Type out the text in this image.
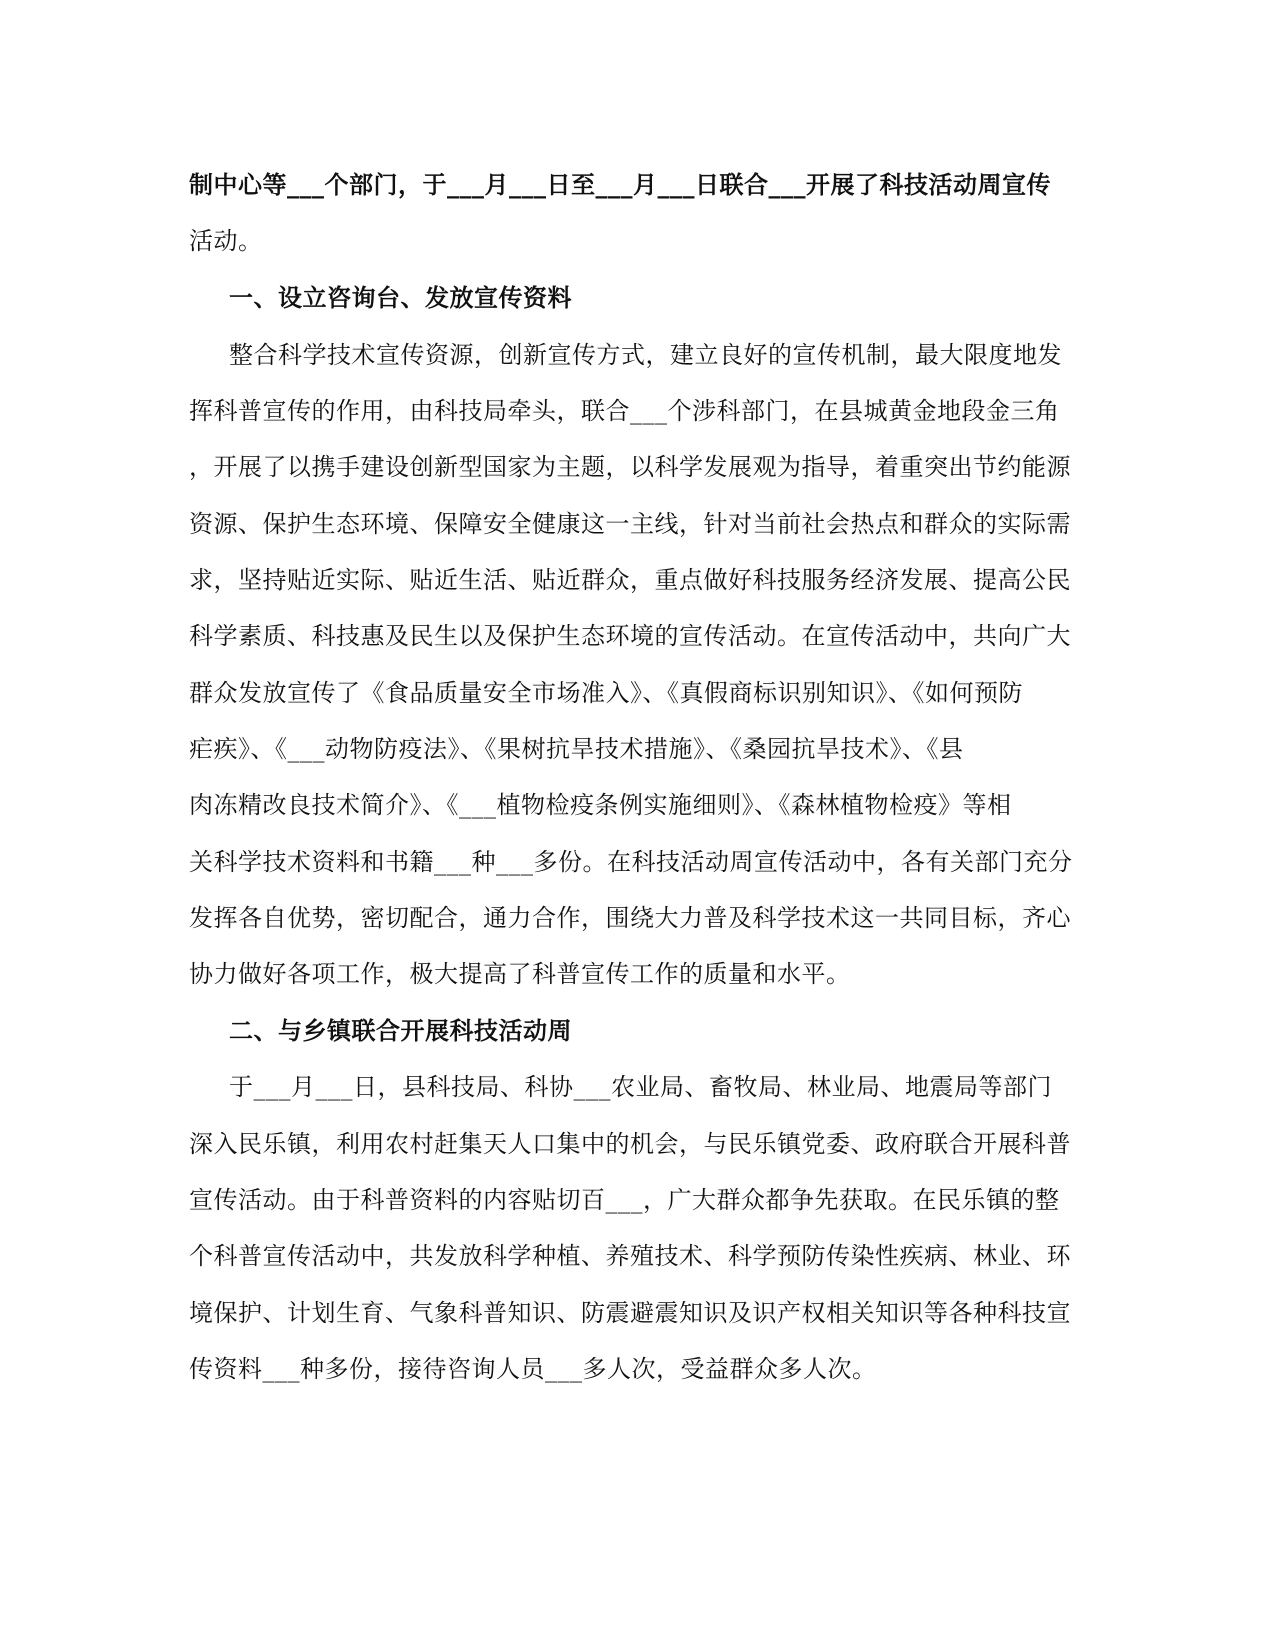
制中心等___个部门，于___月___日至___月___日联合___开展了科技活动周宣传
活动。
一、设立咨询台、发放宣传资料
整合科学技术宣传资源，创新宣传方式，建立良好的宣传机制，最大限度地发
挥科普宣传的作用，由科技局牵头，联合___个涉科部门，在县城黄金地段金三角
，开展了以携手建设创新型国家为主题，以科学发展观为指导，着重突出节约能源
资源、保护生态环境、保障安全健康这一主线，针对当前社会热点和群众的实际需
求，坚持贴近实际、贴近生活、贴近群众，重点做好科技服务经济发展、提高公民
科学素质、科技惠及民生以及保护生态环境的宣传活动。在宣传活动中，共向广大
群众发放宣传了《食品质量安全市场准入》、《真假商标识别知识》、《如何预防
疟疾》、《___动物防疫法》、《果树抗旱技术措施》、《桑园抗旱技术》、《县
肉冻精改良技术简介》、《___植物检疫条例实施细则》、《森林植物检疫》等相
关科学技术资料和书籍___种___多份。在科技活动周宣传活动中，各有关部门充分
发挥各自优势，密切配合，通力合作，围绕大力普及科学技术这一共同目标，齐心
协力做好各项工作，极大提高了科普宣传工作的质量和水平。
二、与乡镇联合开展科技活动周
于___月___日，县科技局、科协___农业局、畜牧局、林业局、地震局等部门
深入民乐镇，利用农村赶集天人口集中的机会，与民乐镇党委、政府联合开展科普
宣传活动。由于科普资料的内容贴切百___，广大群众都争先获取。在民乐镇的整
个科普宣传活动中，共发放科学种植、养殖技术、科学预防传染性疾病、林业、环
境保护、计划生育、气象科普知识、防震避震知识及识产权相关知识等各种科技宣
传资料___种多份，接待咨询人员___多人次，受益群众多人次。
